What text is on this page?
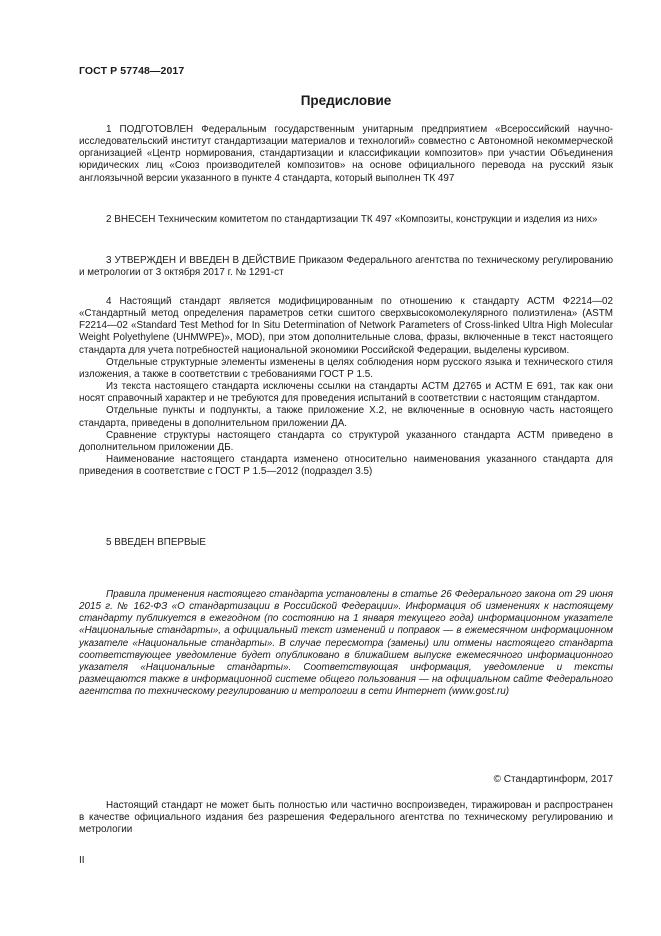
ГОСТ Р 57748—2017
Предисловие

1 ПОДГОТОВЛЕН Федеральным государственным унитарным предприятием «Всероссийский научно-исследовательский институт стандартизации материалов и технологий» совместно с Автономной некоммерческой организацией «Центр нормирования, стандартизации и классификации композитов» при участии Объединения юридических лиц «Союз производителей композитов» на основе официального перевода на русский язык англоязычной версии указанного в пункте 4 стандарта, который выполнен ТК 497

2 ВНЕСЕН Техническим комитетом по стандартизации ТК 497 «Композиты, конструкции и изделия из них»

3 УТВЕРЖДЕН И ВВЕДЕН В ДЕЙСТВИЕ Приказом Федерального агентства по техническому регулированию и метрологии от 3 октября 2017 г. № 1291-ст

4 Настоящий стандарт является модифицированным по отношению к стандарту АСТМ Ф2214—02 «Стандартный метод определения параметров сетки сшитого сверхвысокомолекулярного полиэтилена» (ASTM F2214—02 «Standard Test Method for In Situ Determination of Network Parameters of Cross-linked Ultra High Molecular Weight Polyethylene (UHMWPE)», MOD), при этом дополнительные слова, фразы, включенные в текст настоящего стандарта для учета потребностей национальной экономики Российской Федерации, выделены курсивом.

Отдельные структурные элементы изменены в целях соблюдения норм русского языка и технического стиля изложения, а также в соответствии с требованиями ГОСТ Р 1.5.

Из текста настоящего стандарта исключены ссылки на стандарты АСТМ Д2765 и АСТМ Е 691, так как они носят справочный характер и не требуются для проведения испытаний в соответствии с настоящим стандартом.

Отдельные пункты и подпункты, а также приложение Х.2, не включенные в основную часть настоящего стандарта, приведены в дополнительном приложении ДА.

Сравнение структуры настоящего стандарта со структурой указанного стандарта АСТМ приведено в дополнительном приложении ДБ.

Наименование настоящего стандарта изменено относительно наименования указанного стандарта для приведения в соответствие с ГОСТ Р 1.5—2012 (подраздел 3.5)

5 ВВЕДЕН ВПЕРВЫЕ

Правила применения настоящего стандарта установлены в статье 26 Федерального закона от 29 июня 2015 г. № 162-ФЗ «О стандартизации в Российской Федерации». Информация об изменениях к настоящему стандарту публикуется в ежегодном (по состоянию на 1 января текущего года) информационном указателе «Национальные стандарты», а официальный текст изменений и поправок — в ежемесячном информационном указателе «Национальные стандарты». В случае пересмотра (замены) или отмены настоящего стандарта соответствующее уведомление будет опубликовано в ближайшем выпуске ежемесячного информационного указателя «Национальные стандарты». Соответствующая информация, уведомление и тексты размещаются также в информационной системе общего пользования — на официальном сайте Федерального агентства по техническому регулированию и метрологии в сети Интернет (www.gost.ru)

© Стандартинформ, 2017

Настоящий стандарт не может быть полностью или частично воспроизведен, тиражирован и распространен в качестве официального издания без разрешения Федерального агентства по техническому регулированию и метрологии

II
